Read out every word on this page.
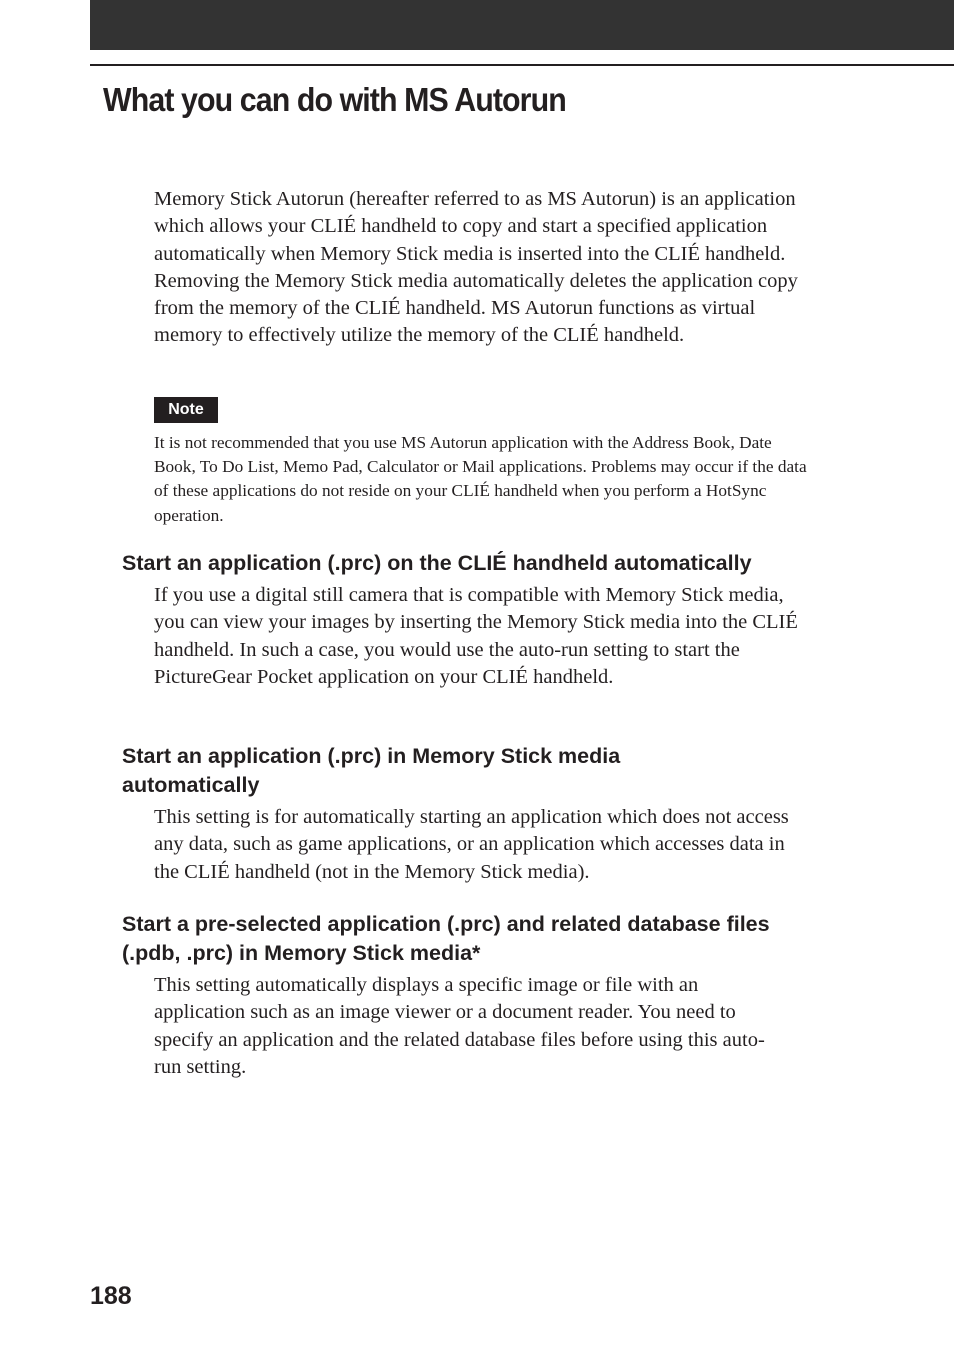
What you can do with MS Autorun

Memory Stick Autorun (hereafter referred to as MS Autorun) is an application which allows your CLIÉ handheld to copy and start a specified application automatically when Memory Stick media is inserted into the CLIÉ handheld. Removing the Memory Stick media automatically deletes the application copy from the memory of the CLIÉ handheld. MS Autorun functions as virtual memory to effectively utilize the memory of the CLIÉ handheld.

Note

It is not recommended that you use MS Autorun application with the Address Book, Date Book, To Do List, Memo Pad, Calculator or Mail applications. Problems may occur if the data of these applications do not reside on your CLIÉ handheld when you perform a HotSync operation.

Start an application (.prc) on the CLIÉ handheld automatically

If you use a digital still camera that is compatible with Memory Stick media, you can view your images by inserting the Memory Stick media into the CLIÉ handheld. In such a case, you would use the auto-run setting to start the PictureGear Pocket application on your CLIÉ handheld.

Start an application (.prc) in Memory Stick media automatically

This setting is for automatically starting an application which does not access any data, such as game applications, or an application which accesses data in the CLIÉ handheld (not in the Memory Stick media).

Start a pre-selected application (.prc) and related database files (.pdb, .prc) in Memory Stick media*

This setting automatically displays a specific image or file with an application such as an image viewer or a document reader. You need to specify an application and the related database files before using this auto-run setting.

188
